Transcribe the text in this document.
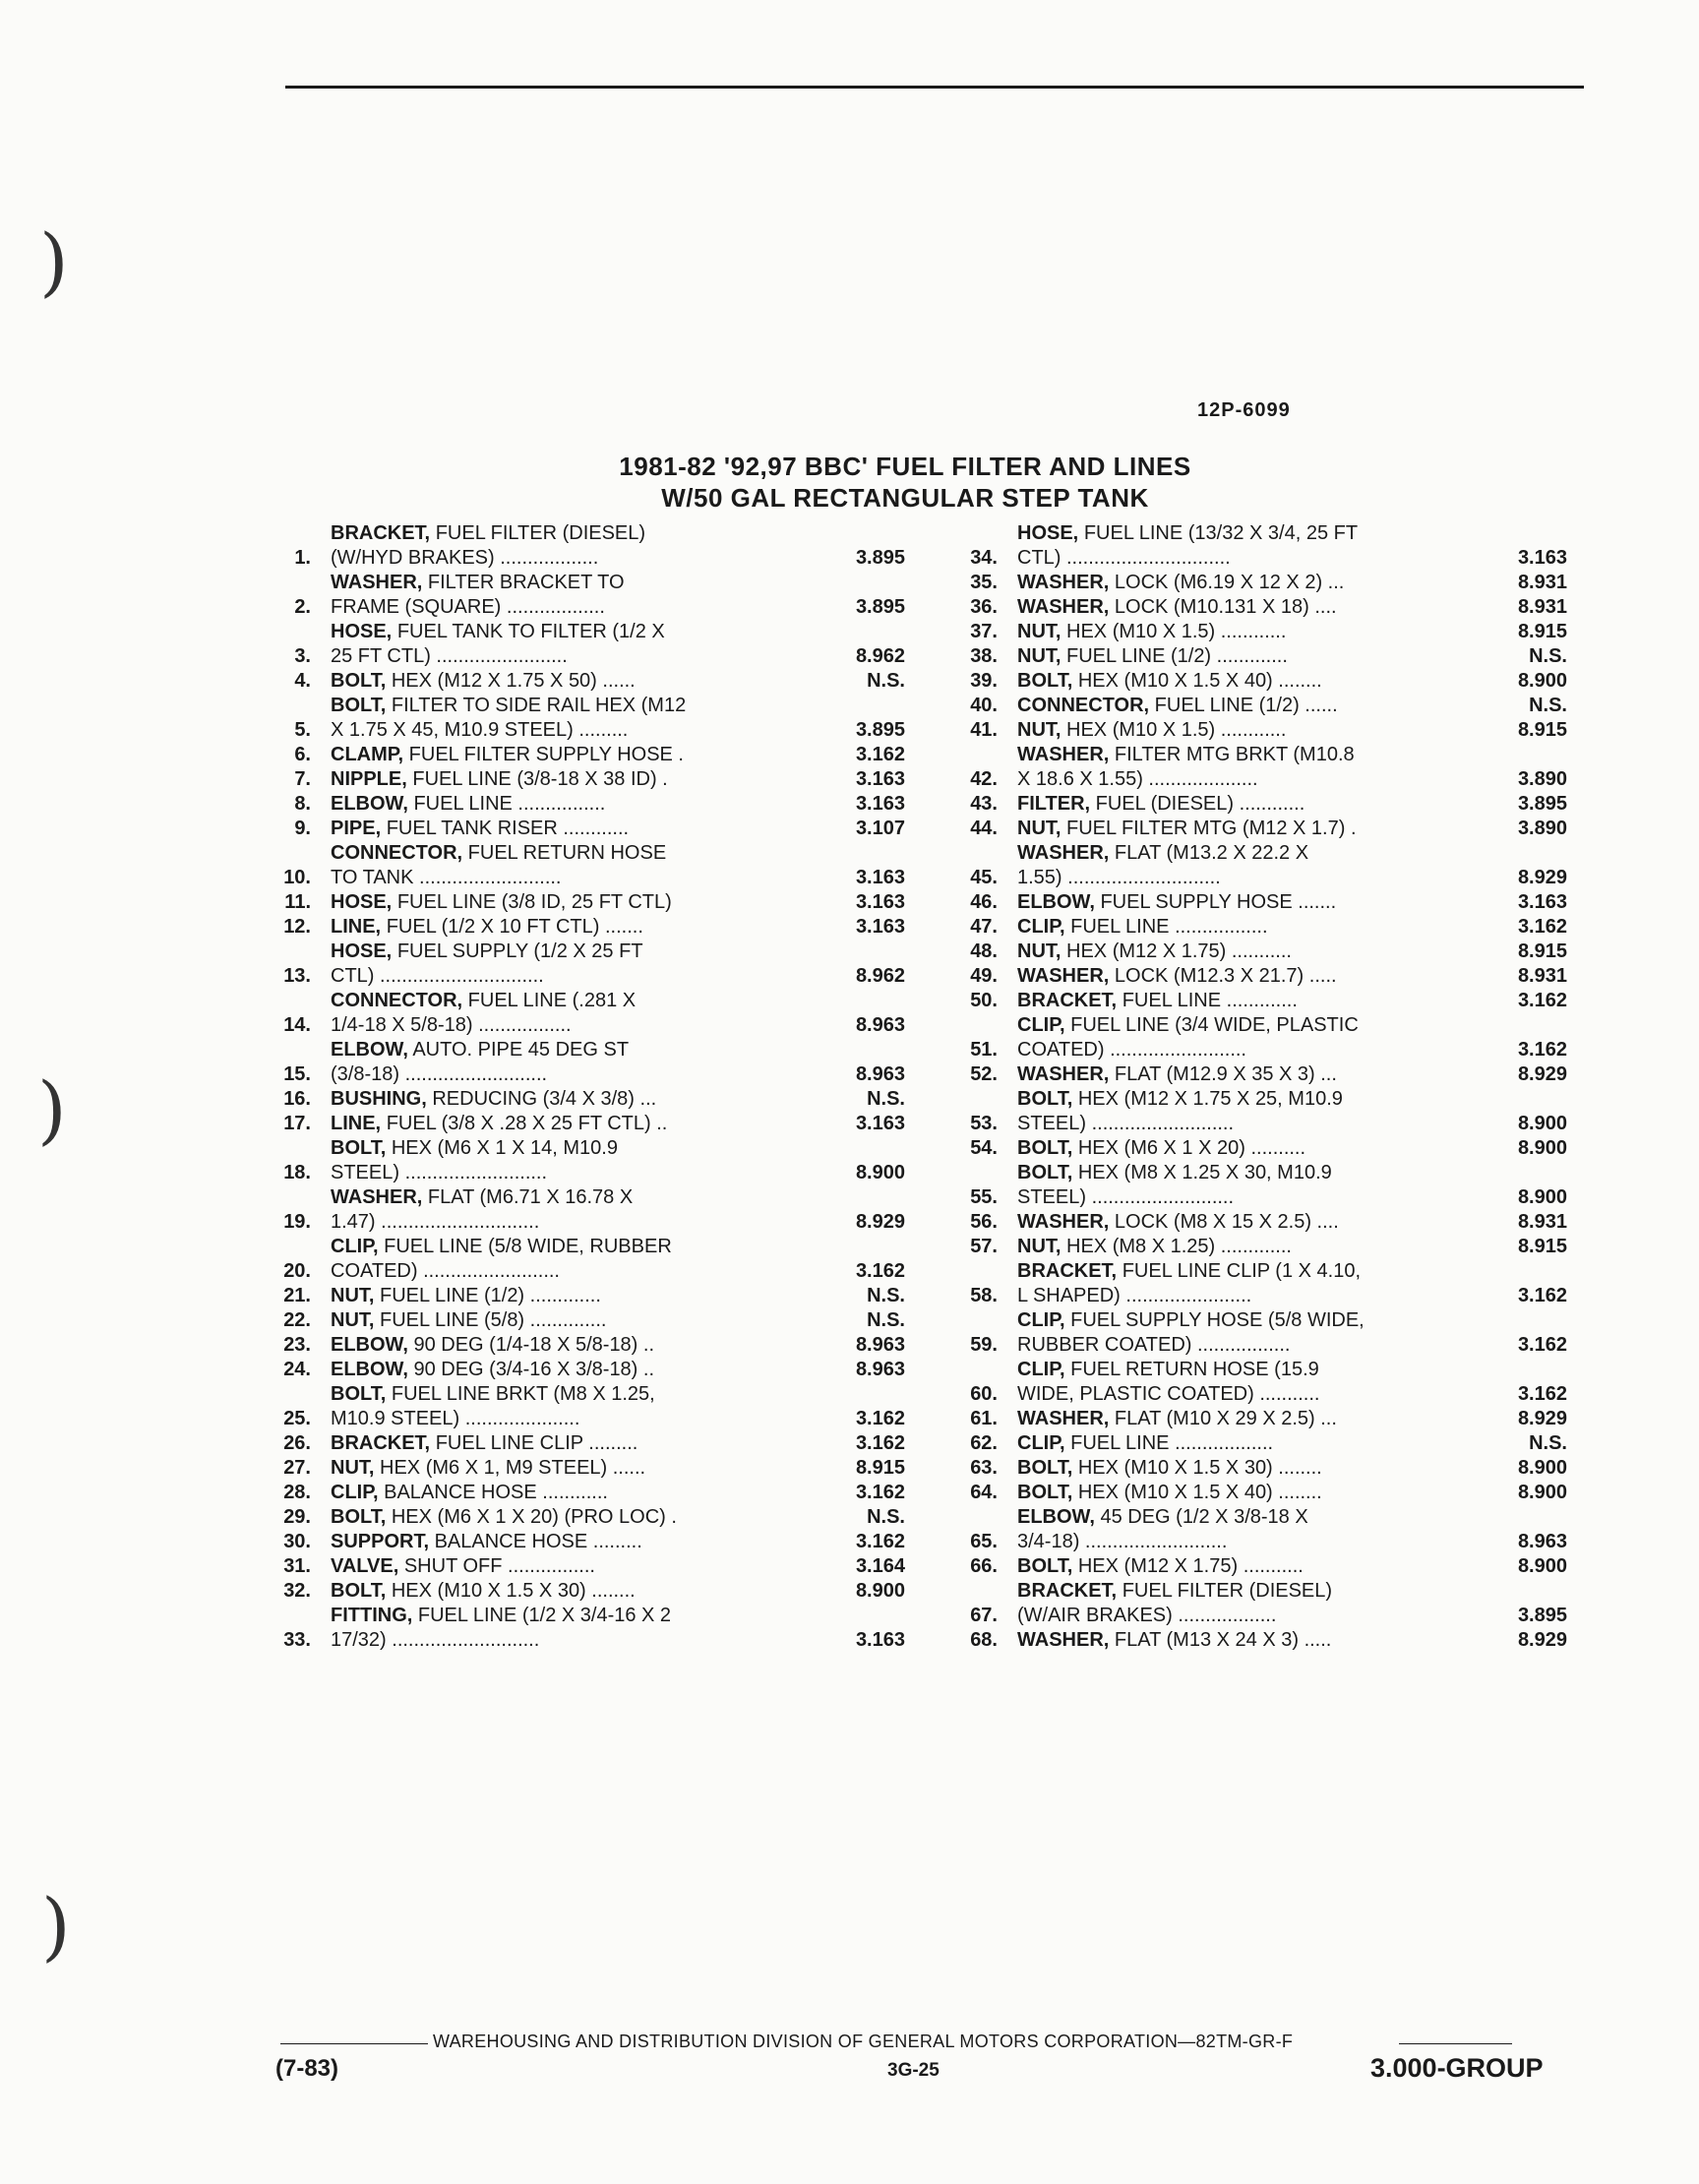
)
)
)
12P-6099
1981-82 '92,97 BBC' FUEL FILTER AND LINES
W/50 GAL RECTANGULAR STEP TANK
1.
BRACKET, FUEL FILTER (DIESEL)
(W/HYD BRAKES) ..................	3.895
2.
WASHER, FILTER BRACKET TO
FRAME (SQUARE) ..................	3.895
3.
HOSE, FUEL TANK TO FILTER (1/2 X
25 FT CTL) ........................	8.962
4.	BOLT, HEX (M12 X 1.75 X 50) ......	N.S.
5.
BOLT, FILTER TO SIDE RAIL HEX (M12
X 1.75 X 45, M10.9 STEEL) .........	3.895
6.	CLAMP, FUEL FILTER SUPPLY HOSE .	3.162
7.	NIPPLE, FUEL LINE (3/8-18 X 38 ID) .	3.163
8.	ELBOW, FUEL LINE ................	3.163
9.	PIPE, FUEL TANK RISER ............	3.107
10.
CONNECTOR, FUEL RETURN HOSE
TO TANK ..........................	3.163
11.	HOSE, FUEL LINE (3/8 ID, 25 FT CTL)	3.163
12.	LINE, FUEL (1/2 X 10 FT CTL) .......	3.163
13.
HOSE, FUEL SUPPLY (1/2 X 25 FT
CTL) ..............................	8.962
14.
CONNECTOR, FUEL LINE (.281 X
1/4-18 X 5/8-18) .................	8.963
15.
ELBOW, AUTO. PIPE 45 DEG ST
(3/8-18) ..........................	8.963
16.	BUSHING, REDUCING (3/4 X 3/8) ...	N.S.
17.	LINE, FUEL (3/8 X .28 X 25 FT CTL) ..	3.163
18.
BOLT, HEX (M6 X 1 X 14, M10.9
STEEL) ..........................	8.900
19.
WASHER, FLAT (M6.71 X 16.78 X
1.47) .............................	8.929
20.
CLIP, FUEL LINE (5/8 WIDE, RUBBER
COATED) .........................	3.162
21.	NUT, FUEL LINE (1/2) .............	N.S.
22.	NUT, FUEL LINE (5/8) ..............	N.S.
23.	ELBOW, 90 DEG (1/4-18 X 5/8-18) ..	8.963
24.	ELBOW, 90 DEG (3/4-16 X 3/8-18) ..	8.963
25.
BOLT, FUEL LINE BRKT (M8 X 1.25,
M10.9 STEEL) .....................	3.162
26.	BRACKET, FUEL LINE CLIP .........	3.162
27.	NUT, HEX (M6 X 1, M9 STEEL) ......	8.915
28.	CLIP, BALANCE HOSE ............	3.162
29.	BOLT, HEX (M6 X 1 X 20) (PRO LOC) .	N.S.
30.	SUPPORT, BALANCE HOSE .........	3.162
31.	VALVE, SHUT OFF ................	3.164
32.	BOLT, HEX (M10 X 1.5 X 30) ........	8.900
33.
FITTING, FUEL LINE (1/2 X 3/4-16 X 2
17/32) ...........................	3.163
34.
HOSE, FUEL LINE (13/32 X 3/4, 25 FT
CTL) ..............................	3.163
35.	WASHER, LOCK (M6.19 X 12 X 2) ...	8.931
36.	WASHER, LOCK (M10.131 X 18) ....	8.931
37.	NUT, HEX (M10 X 1.5) ............	8.915
38.	NUT, FUEL LINE (1/2) .............	N.S.
39.	BOLT, HEX (M10 X 1.5 X 40) ........	8.900
40.	CONNECTOR, FUEL LINE (1/2) ......	N.S.
41.	NUT, HEX (M10 X 1.5) ............	8.915
42.
WASHER, FILTER MTG BRKT (M10.8
X 18.6 X 1.55) ....................	3.890
43.	FILTER, FUEL (DIESEL) ............	3.895
44.	NUT, FUEL FILTER MTG (M12 X 1.7) .	3.890
45.
WASHER, FLAT (M13.2 X 22.2 X
1.55) ............................	8.929
46.	ELBOW, FUEL SUPPLY HOSE .......	3.163
47.	CLIP, FUEL LINE .................	3.162
48.	NUT, HEX (M12 X 1.75) ...........	8.915
49.	WASHER, LOCK (M12.3 X 21.7) .....	8.931
50.	BRACKET, FUEL LINE .............	3.162
51.
CLIP, FUEL LINE (3/4 WIDE, PLASTIC
COATED) .........................	3.162
52.	WASHER, FLAT (M12.9 X 35 X 3) ...	8.929
53.
BOLT, HEX (M12 X 1.75 X 25, M10.9
STEEL) ..........................	8.900
54.	BOLT, HEX (M6 X 1 X 20) ..........	8.900
55.
BOLT, HEX (M8 X 1.25 X 30, M10.9
STEEL) ..........................	8.900
56.	WASHER, LOCK (M8 X 15 X 2.5) ....	8.931
57.	NUT, HEX (M8 X 1.25) .............	8.915
58.
BRACKET, FUEL LINE CLIP (1 X 4.10,
L SHAPED) .......................	3.162
59.
CLIP, FUEL SUPPLY HOSE (5/8 WIDE,
RUBBER COATED) .................	3.162
60.
CLIP, FUEL RETURN HOSE (15.9
WIDE, PLASTIC COATED) ...........	3.162
61.	WASHER, FLAT (M10 X 29 X 2.5) ...	8.929
62.	CLIP, FUEL LINE ..................	N.S.
63.	BOLT, HEX (M10 X 1.5 X 30) ........	8.900
64.	BOLT, HEX (M10 X 1.5 X 40) ........	8.900
65.
ELBOW, 45 DEG (1/2 X 3/8-18 X
3/4-18) ..........................	8.963
66.	BOLT, HEX (M12 X 1.75) ...........	8.900
67.
BRACKET, FUEL FILTER (DIESEL)
(W/AIR BRAKES) ..................	3.895
68.	WASHER, FLAT (M13 X 24 X 3) .....	8.929
WAREHOUSING AND DISTRIBUTION DIVISION OF GENERAL MOTORS CORPORATION—82TM-GR-F
(7-83)	3G-25	3.000-GROUP
